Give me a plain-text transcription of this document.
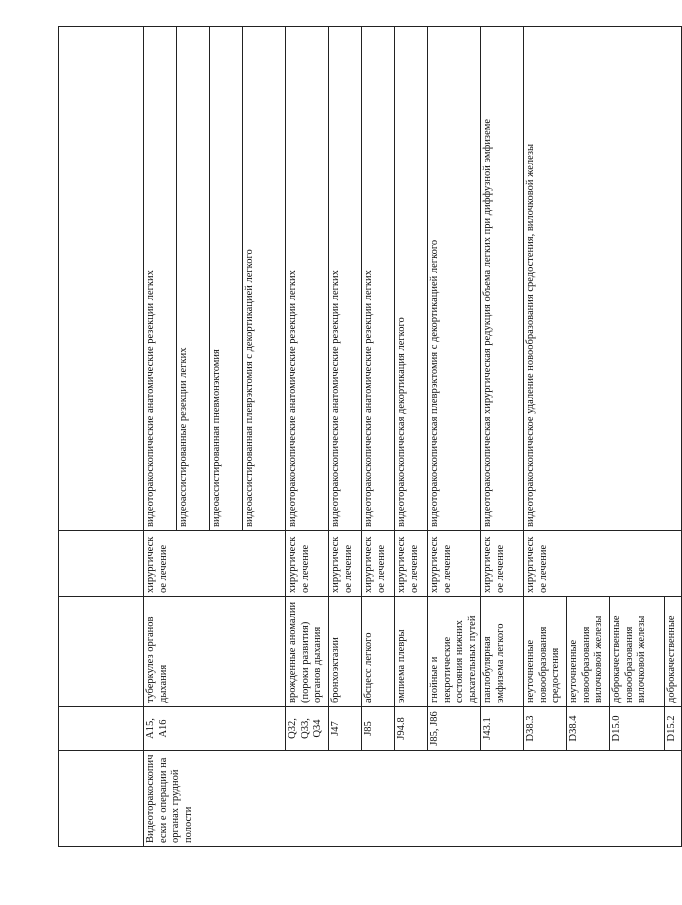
Видеоторакоскопически е операции на органах грудной полости	A15, A16	туберкулез органов дыхания	хирургическое лечение	видеоторакоскопические анатомические резекции легких
				видеоассистированные резекции легких
				видеоассистированная пневмонэктомия
				видеоассистированная плеврэктомия с декортикацией легкого
	Q32, Q33, Q34	врожденные аномалии (пороки развития) органов дыхания	хирургическое лечение	видеоторакоскопические анатомические резекции легких
	J47	бронхоэктазии	хирургическое лечение	видеоторакоскопические анатомические резекции легких
	J85	абсцесс легкого	хирургическое лечение	видеоторакоскопические анатомические резекции легких
	J94.8	эмпиема плевры	хирургическое лечение	видеоторакоскопическая декортикация легкого
	J85, J86	гнойные и некротические состояния нижних дыхательных путей	хирургическое лечение	видеоторакоскопическая плеврэктомия с декортикацией легкого
	J43.1	панлобулярная эмфизема легкого	хирургическое лечение	видеоторакоскопическая хирургическая редукция объема легких при диффузной эмфиземе
	D38.3	неуточненные новообразования средостения	хирургическое лечение	видеоторакоскопическое удаление новообразования средостения, вилочковой железы
	D38.4	неуточненные новообразования вилочковой железы		
	D15.0	доброкачественные новообразования вилочковой железы		
	D15.2	доброкачественные		
